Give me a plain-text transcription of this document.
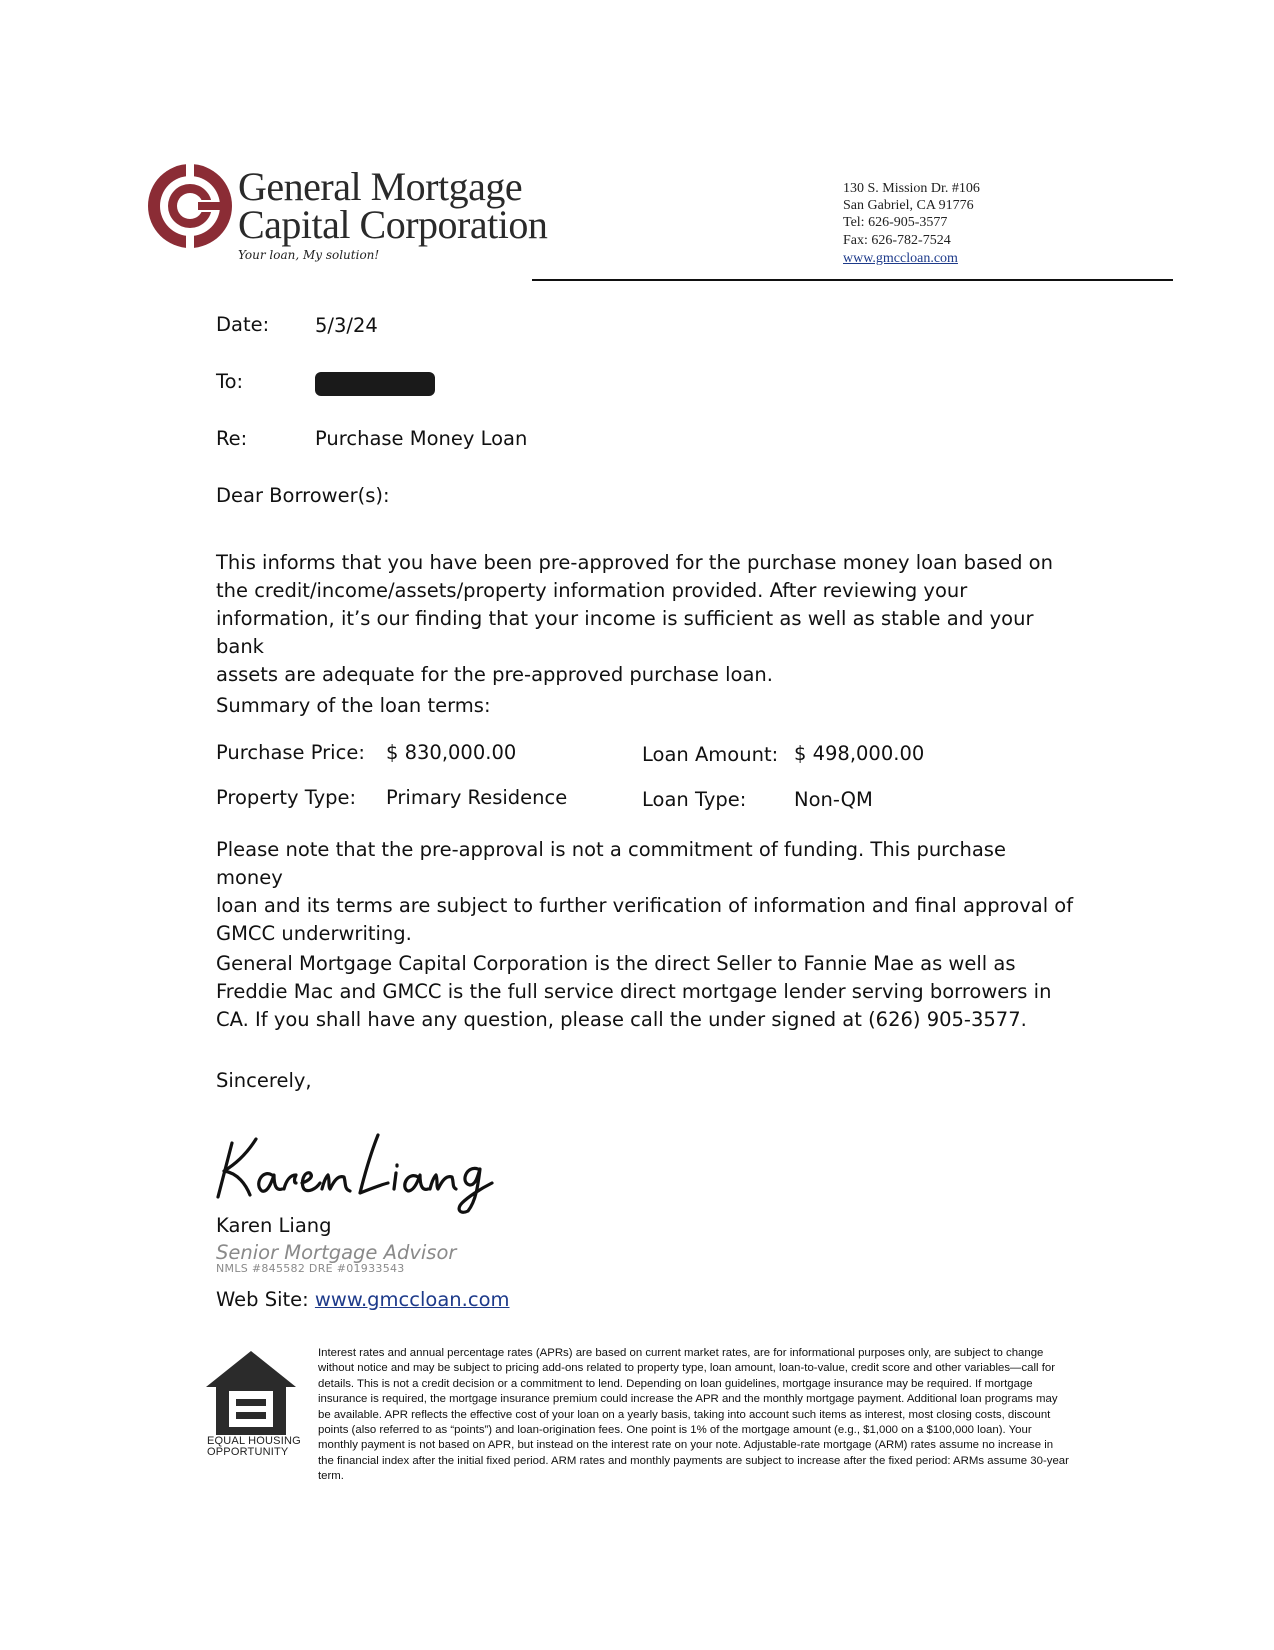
General Mortgage
Capital Corporation
Your loan, My solution!
130 S. Mission Dr. #106
San Gabriel, CA 91776
Tel: 626-905-3577
Fax: 626-782-7524
www.gmccloan.com
Date: 5/3/24
To:
Re:	Purchase Money Loan
Dear Borrower(s):
This informs that you have been pre-approved for the purchase money loan based on
the credit/income/assets/property information provided. After reviewing your
information, it’s our finding that your income is sufficient as well as stable and your bank
assets are adequate for the pre-approved purchase loan.
Summary of the loan terms:
Purchase Price: $ 830,000.00	Loan Amount: $ 498,000.00
Property Type: Primary Residence	Loan Type: Non-QM
Please note that the pre-approval is not a commitment of funding. This purchase money
loan and its terms are subject to further verification of information and final approval of
GMCC underwriting.
General Mortgage Capital Corporation is the direct Seller to Fannie Mae as well as
Freddie Mac and GMCC is the full service direct mortgage lender serving borrowers in
CA. If you shall have any question, please call the under signed at (626) 905-3577.
Sincerely,
Karen Liang
Senior Mortgage Advisor
NMLS #845582 DRE #01933543
Web Site: www.gmccloan.com
EQUAL HOUSING
OPPORTUNITY
Interest rates and annual percentage rates (APRs) are based on current market rates, are for informational purposes only, are subject to change without notice and may be subject to pricing add-ons related to property type, loan amount, loan-to-value, credit score and other variables—call for details. This is not a credit decision or a commitment to lend. Depending on loan guidelines, mortgage insurance may be required. If mortgage insurance is required, the mortgage insurance premium could increase the APR and the monthly mortgage payment. Additional loan programs may be available. APR reflects the effective cost of your loan on a yearly basis, taking into account such items as interest, most closing costs, discount points (also referred to as “points”) and loan-origination fees. One point is 1% of the mortgage amount (e.g., $1,000 on a $100,000 loan). Your monthly payment is not based on APR, but instead on the interest rate on your note. Adjustable-rate mortgage (ARM) rates assume no increase in the financial index after the initial fixed period. ARM rates and monthly payments are subject to increase after the fixed period: ARMs assume 30-year term.
